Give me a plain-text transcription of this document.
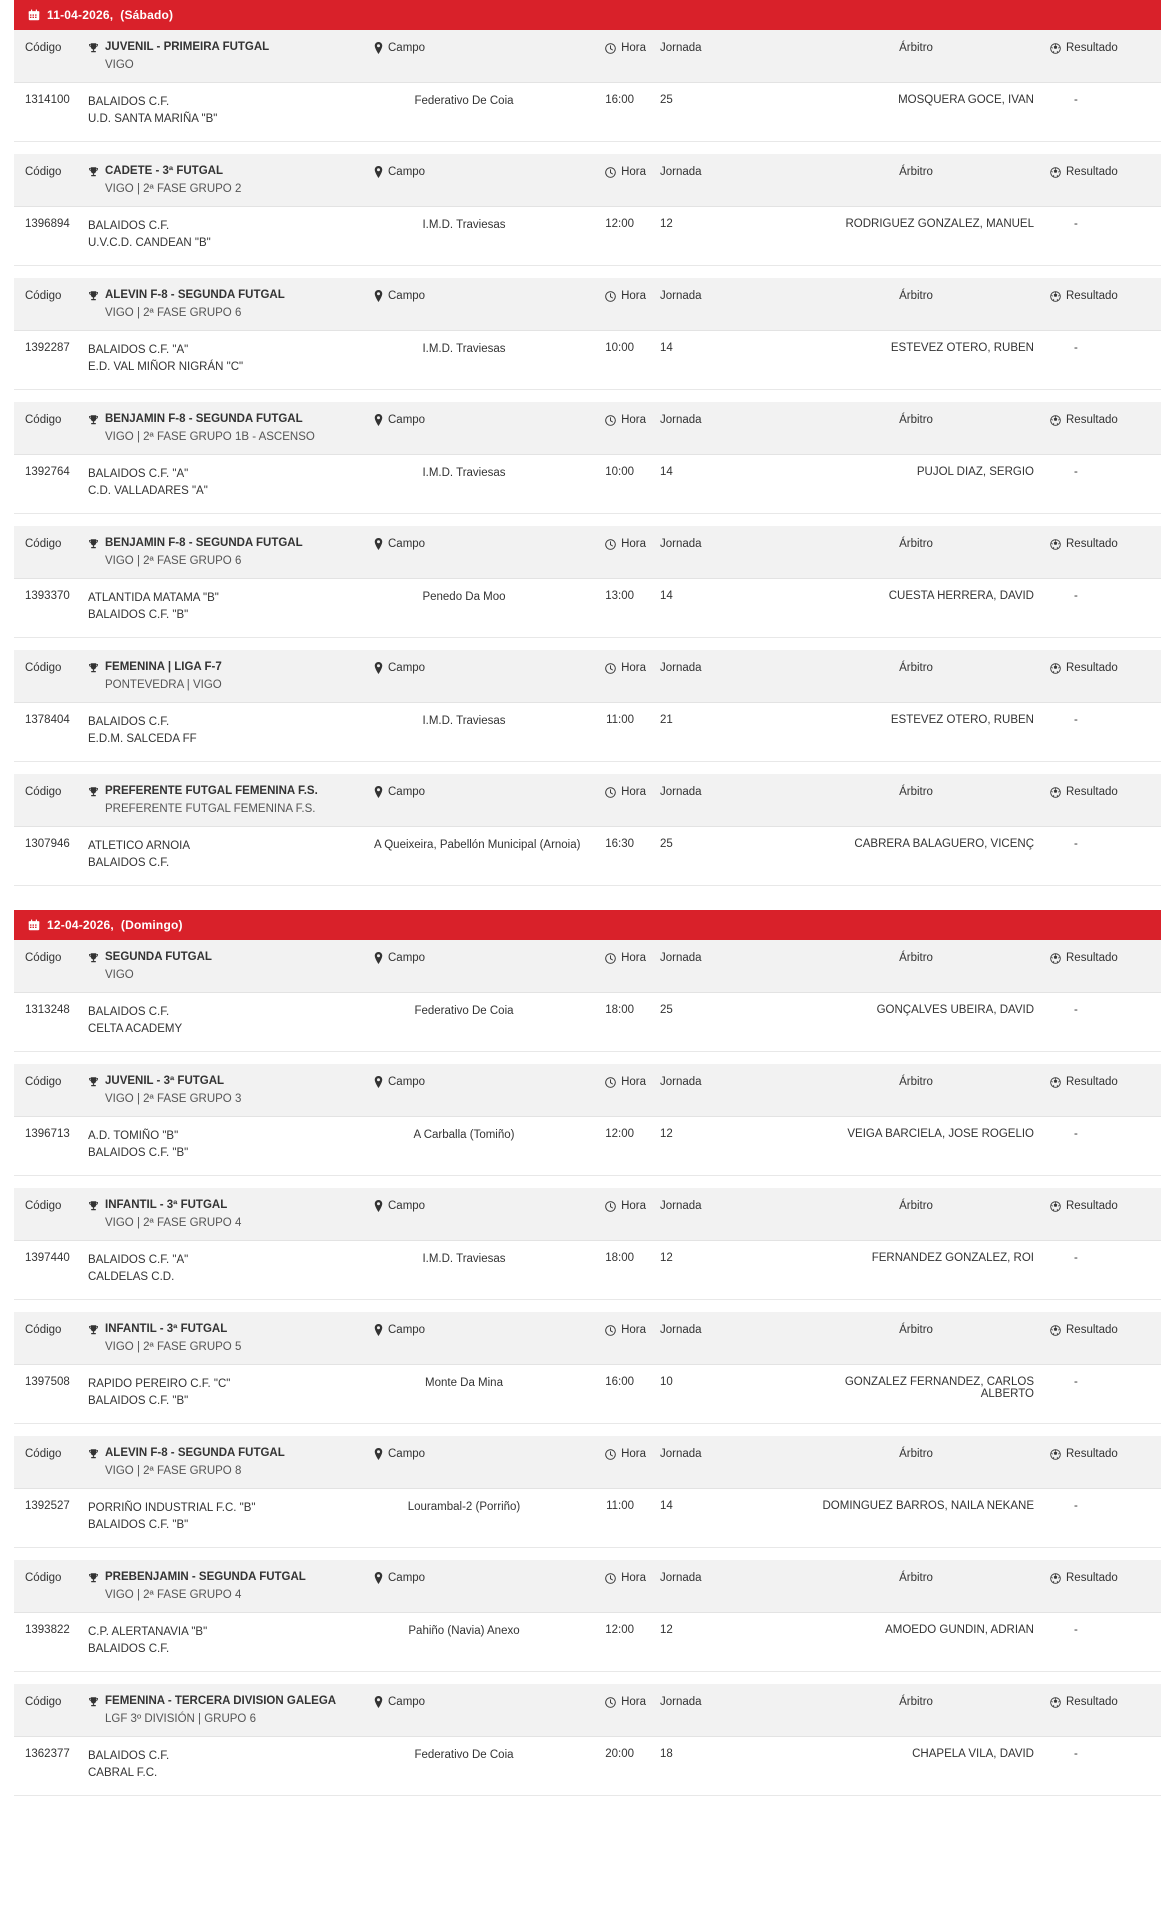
11-04-2026, (Sábado)
Código	JUVENIL - PRIMEIRA FUTGAL
VIGO
Campo	Hora	Jornada	Árbitro	Resultado
1314100	BALAIDOS C.F.
U.D. SANTA MARIÑA "B"
Federativo De Coia	16:00	25	MOSQUERA GOCE, IVAN	-
Código	CADETE - 3ª FUTGAL
VIGO | 2ª FASE GRUPO 2
Campo	Hora	Jornada	Árbitro	Resultado
1396894	BALAIDOS C.F.
U.V.C.D. CANDEAN "B"
I.M.D. Traviesas	12:00	12	RODRIGUEZ GONZALEZ, MANUEL	-
Código	ALEVIN F-8 - SEGUNDA FUTGAL
VIGO | 2ª FASE GRUPO 6
Campo	Hora	Jornada	Árbitro	Resultado
1392287	BALAIDOS C.F. "A"
E.D. VAL MIÑOR NIGRÁN "C"
I.M.D. Traviesas	10:00	14	ESTEVEZ OTERO, RUBEN	-
Código	BENJAMIN F-8 - SEGUNDA FUTGAL
VIGO | 2ª FASE GRUPO 1B - ASCENSO
Campo	Hora	Jornada	Árbitro	Resultado
1392764	BALAIDOS C.F. "A"
C.D. VALLADARES "A"
I.M.D. Traviesas	10:00	14	PUJOL DIAZ, SERGIO	-
Código	BENJAMIN F-8 - SEGUNDA FUTGAL
VIGO | 2ª FASE GRUPO 6
Campo	Hora	Jornada	Árbitro	Resultado
1393370	ATLANTIDA MATAMA "B"
BALAIDOS C.F. "B"
Penedo Da Moo	13:00	14	CUESTA HERRERA, DAVID	-
Código	FEMENINA | LIGA F-7
PONTEVEDRA | VIGO
Campo	Hora	Jornada	Árbitro	Resultado
1378404	BALAIDOS C.F.
E.D.M. SALCEDA FF
I.M.D. Traviesas	11:00	21	ESTEVEZ OTERO, RUBEN	-
Código	PREFERENTE FUTGAL FEMENINA F.S.
PREFERENTE FUTGAL FEMENINA F.S.
Campo	Hora	Jornada	Árbitro	Resultado
1307946	ATLETICO ARNOIA
BALAIDOS C.F.
A Queixeira, Pabellón Municipal (Arnoia)	16:30	25	CABRERA BALAGUERO, VICENÇ	-
12-04-2026, (Domingo)
Código	SEGUNDA FUTGAL
VIGO
Campo	Hora	Jornada	Árbitro	Resultado
1313248	BALAIDOS C.F.
CELTA ACADEMY
Federativo De Coia	18:00	25	GONÇALVES UBEIRA, DAVID	-
Código	JUVENIL - 3ª FUTGAL
VIGO | 2ª FASE GRUPO 3
Campo	Hora	Jornada	Árbitro	Resultado
1396713	A.D. TOMIÑO "B"
BALAIDOS C.F. "B"
A Carballa (Tomiño)	12:00	12	VEIGA BARCIELA, JOSE ROGELIO	-
Código	INFANTIL - 3ª FUTGAL
VIGO | 2ª FASE GRUPO 4
Campo	Hora	Jornada	Árbitro	Resultado
1397440	BALAIDOS C.F. "A"
CALDELAS C.D.
I.M.D. Traviesas	18:00	12	FERNANDEZ GONZALEZ, ROI	-
Código	INFANTIL - 3ª FUTGAL
VIGO | 2ª FASE GRUPO 5
Campo	Hora	Jornada	Árbitro	Resultado
1397508	RAPIDO PEREIRO C.F. "C"
BALAIDOS C.F. "B"
Monte Da Mina	16:00	10	GONZALEZ FERNANDEZ, CARLOS ALBERTO
-
Código	ALEVIN F-8 - SEGUNDA FUTGAL
VIGO | 2ª FASE GRUPO 8
Campo	Hora	Jornada	Árbitro	Resultado
1392527	PORRIÑO INDUSTRIAL F.C. "B"
BALAIDOS C.F. "B"
Lourambal-2 (Porriño)	11:00	14	DOMINGUEZ BARROS, NAILA NEKANE	-
Código	PREBENJAMIN - SEGUNDA FUTGAL
VIGO | 2ª FASE GRUPO 4
Campo	Hora	Jornada	Árbitro	Resultado
1393822	C.P. ALERTANAVIA "B"
BALAIDOS C.F.
Pahiño (Navia) Anexo	12:00	12	AMOEDO GUNDIN, ADRIAN	-
Código	FEMENINA - TERCERA DIVISION GALEGA
LGF 3º DIVISIÓN | GRUPO 6
Campo	Hora	Jornada	Árbitro	Resultado
1362377	BALAIDOS C.F.
CABRAL F.C.
Federativo De Coia	20:00	18	CHAPELA VILA, DAVID	-
